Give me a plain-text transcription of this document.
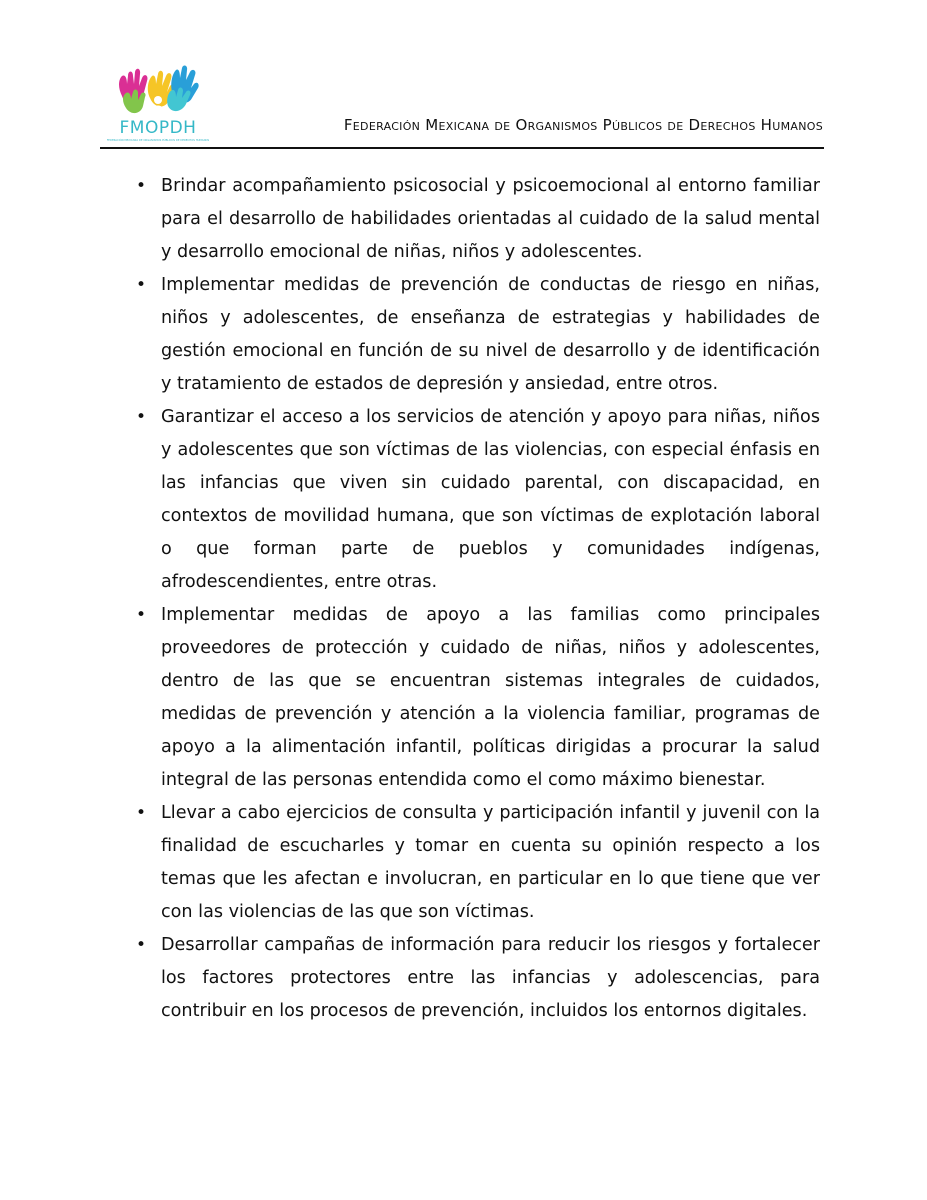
FMOPDH
FEDERACIÓN MEXICANA DE ORGANISMOS PÚBLICOS DE DERECHOS HUMANOS
Federación Mexicana de Organismos Públicos de Derechos Humanos
• Brindar acompañamiento psicosocial y psicoemocional al entorno familiar para el desarrollo de habilidades orientadas al cuidado de la salud mental y desarrollo emocional de niñas, niños y adolescentes.
• Implementar medidas de prevención de conductas de riesgo en niñas, niños y adolescentes, de enseñanza de estrategias y habilidades de gestión emocional en función de su nivel de desarrollo y de identificación y tratamiento de estados de depresión y ansiedad, entre otros.
• Garantizar el acceso a los servicios de atención y apoyo para niñas, niños y adolescentes que son víctimas de las violencias, con especial énfasis en las infancias que viven sin cuidado parental, con discapacidad, en contextos de movilidad humana, que son víctimas de explotación laboral o que forman parte de pueblos y comunidades indígenas, afrodescendientes, entre otras.
• Implementar medidas de apoyo a las familias como principales proveedores de protección y cuidado de niñas, niños y adolescentes, dentro de las que se encuentran sistemas integrales de cuidados, medidas de prevención y atención a la violencia familiar, programas de apoyo a la alimentación infantil, políticas dirigidas a procurar la salud integral de las personas entendida como el como máximo bienestar.
• Llevar a cabo ejercicios de consulta y participación infantil y juvenil con la finalidad de escucharles y tomar en cuenta su opinión respecto a los temas que les afectan e involucran, en particular en lo que tiene que ver con las violencias de las que son víctimas.
• Desarrollar campañas de información para reducir los riesgos y fortalecer los factores protectores entre las infancias y adolescencias, para contribuir en los procesos de prevención, incluidos los entornos digitales.
